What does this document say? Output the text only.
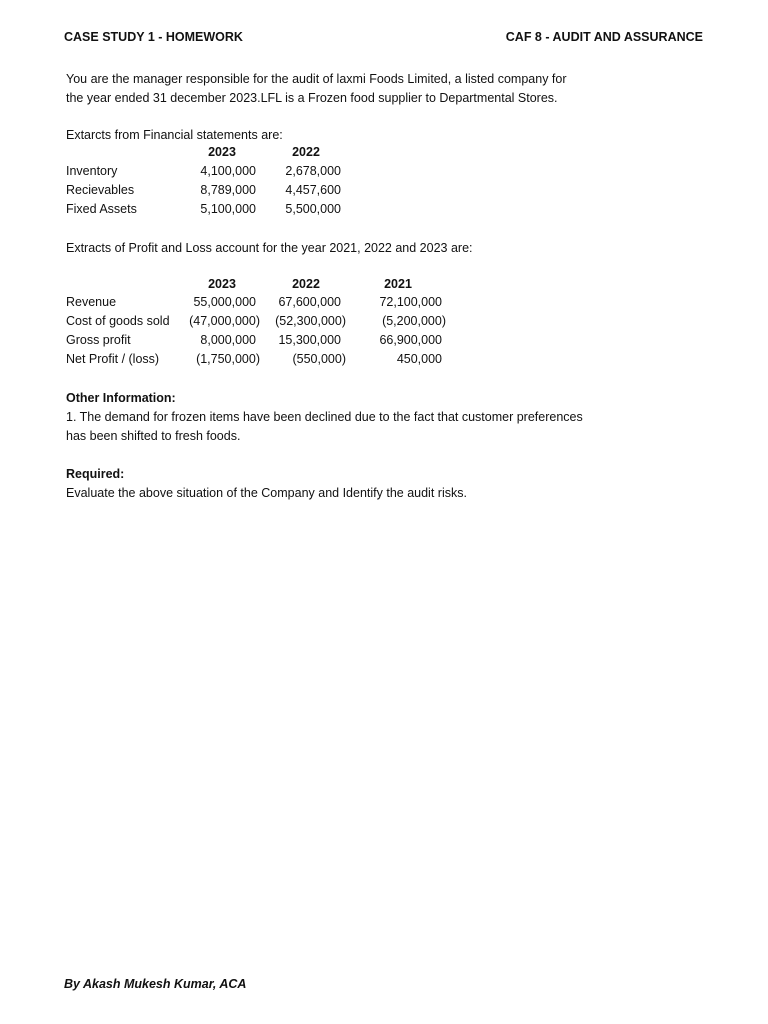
CASE STUDY 1 - HOMEWORK	CAF 8 - AUDIT AND ASSURANCE
You are the manager responsible for the audit of laxmi Foods Limited, a listed company for
the year ended 31 december 2023.LFL is a Frozen food supplier to Departmental Stores.
Extarcts from Financial statements are:
2023	2022
Inventory	4,100,000 2,678,000
Recievables	8,789,000 4,457,600
Fixed Assets	5,100,000 5,500,000
Extracts of Profit and Loss account for the year 2021, 2022 and 2023 are:
2023	2022	2021
Revenue	55,000,000 67,600,000	72,100,000
Cost of goods sold (47,000,000) (52,300,000)	(5,200,000)
Gross profit	8,000,000 15,300,000	66,900,000
Net Profit / (loss)	(1,750,000)	(550,000)	450,000
Other Information:
1. The demand for frozen items have been declined due to the fact that customer preferences
has been shifted to fresh foods.
Required:
Evaluate the above situation of the Company and Identify the audit risks.
By Akash Mukesh Kumar, ACA
